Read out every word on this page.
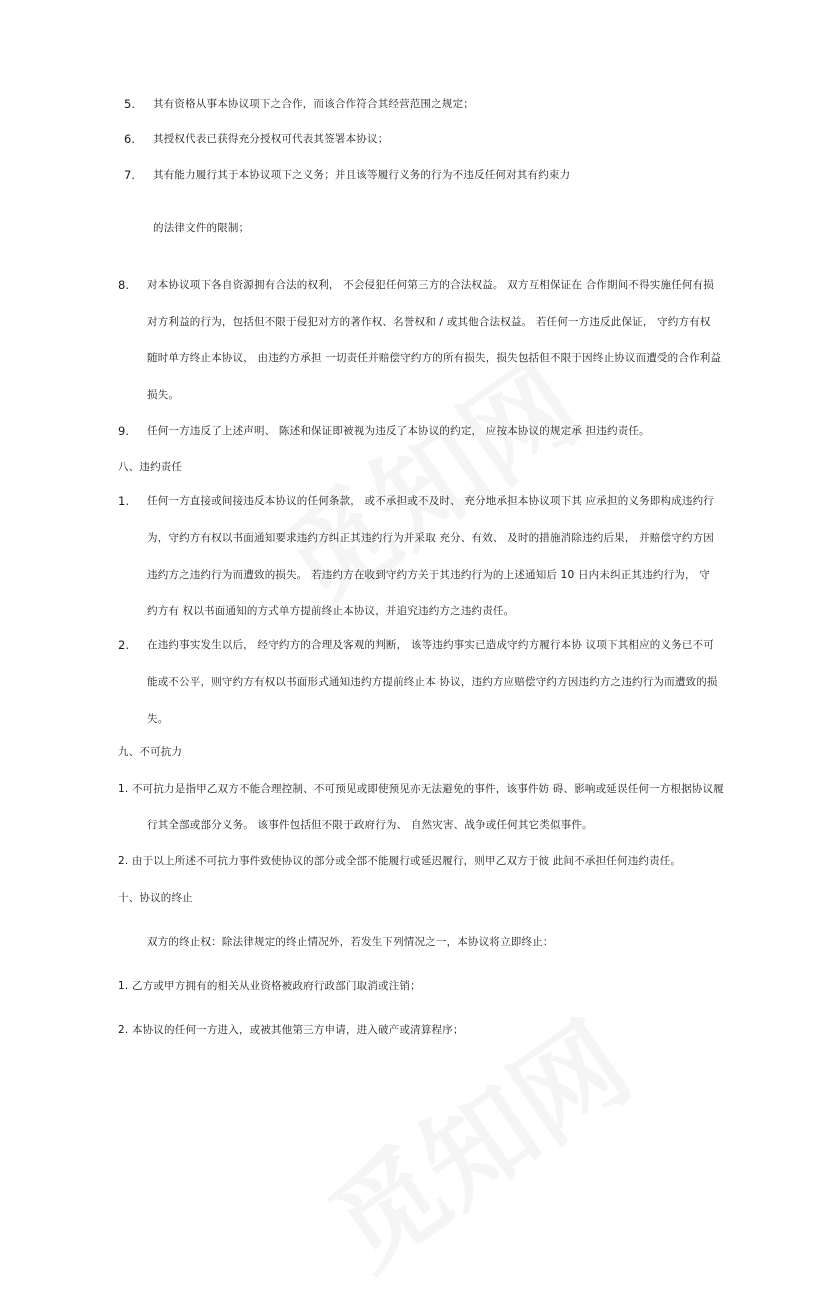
5. 其有资格从事本协议项下之合作，而该合作符合其经营范围之规定；
6. 其授权代表已获得充分授权可代表其签署本协议；
7. 其有能力履行其于本协议项下之义务；并且该等履行义务的行为不违反任何对其有约束力
的法律文件的限制；
8. 对本协议项下各自资源拥有合法的权利， 不会侵犯任何第三方的合法权益。 双方互相保证在 合作期间不得实施任何有损
对方利益的行为，包括但不限于侵犯对方的著作权、名誉权和 / 或其他合法权益。 若任何一方违反此保证， 守约方有权
随时单方终止本协议， 由违约方承担 一切责任并赔偿守约方的所有损失，损失包括但不限于因终止协议而遭受的合作利益
损失。
9. 任何一方违反了上述声明、 陈述和保证即被视为违反了本协议的约定， 应按本协议的规定承 担违约责任。
八、违约责任
1. 任何一方直接或间接违反本协议的任何条款， 或不承担或不及时、 充分地承担本协议项下其 应承担的义务即构成违约行
为，守约方有权以书面通知要求违约方纠正其违约行为并采取 充分、有效、 及时的措施消除违约后果， 并赔偿守约方因
违约方之违约行为而遭致的损失。 若违约方在收到守约方关于其违约行为的上述通知后 10 日内未纠正其违约行为， 守
约方有 权以书面通知的方式单方提前终止本协议，并追究违约方之违约责任。
2. 在违约事实发生以后， 经守约方的合理及客观的判断， 该等违约事实已造成守约方履行本协 议项下其相应的义务已不可
能或不公平，则守约方有权以书面形式通知违约方提前终止本 协议，违约方应赔偿守约方因违约方之违约行为而遭致的损
失。
九、不可抗力
1. 不可抗力是指甲乙双方不能合理控制、不可预见或即使预见亦无法避免的事件，该事件妨 碍、影响或延误任何一方根据协议履
行其全部或部分义务。 该事件包括但不限于政府行为、 自然灾害、战争或任何其它类似事件。
2. 由于以上所述不可抗力事件致使协议的部分或全部不能履行或延迟履行，则甲乙双方于彼 此间不承担任何违约责任。
十、协议的终止
双方的终止权：除法律规定的终止情况外，若发生下列情况之一，本协议将立即终止：
1. 乙方或甲方拥有的相关从业资格被政府行政部门取消或注销；
2. 本协议的任何一方进入，或被其他第三方申请，进入破产或清算程序；
